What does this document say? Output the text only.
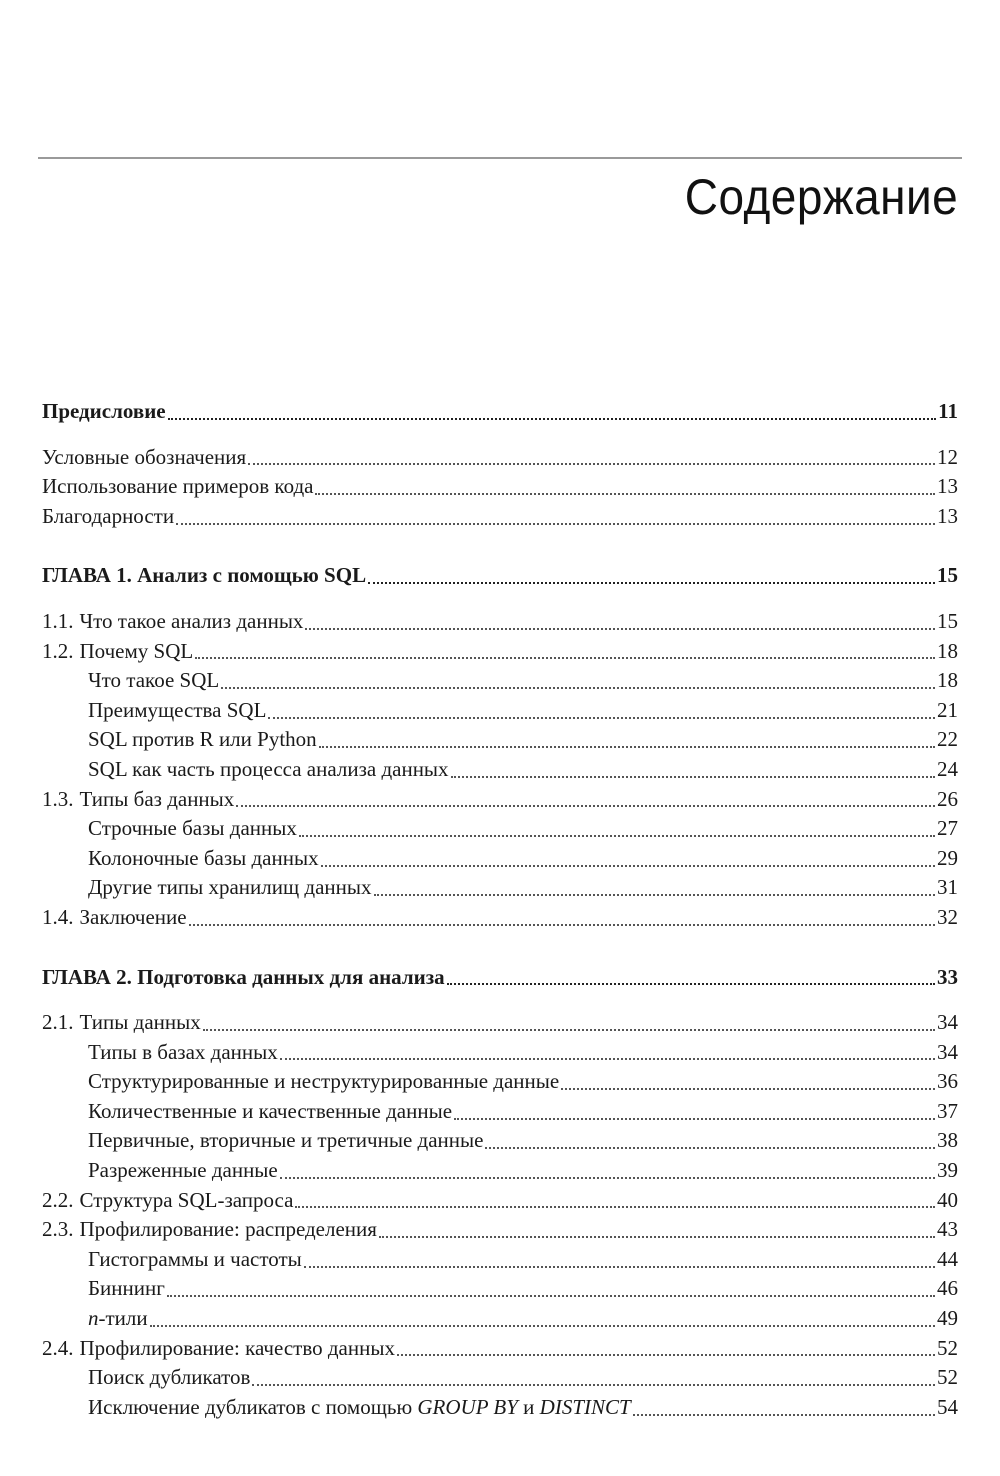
Содержание
Предисловие	11
Условные обозначения	12
Использование примеров кода	13
Благодарности	13
ГЛАВА 1. Анализ с помощью SQL	15
1.1. Что такое анализ данных	15
1.2. Почему SQL	18
Что такое SQL	18
Преимущества SQL	21
SQL против R или Python	22
SQL как часть процесса анализа данных	24
1.3. Типы баз данных	26
Строчные базы данных	27
Колоночные базы данных	29
Другие типы хранилищ данных	31
1.4. Заключение	32
ГЛАВА 2. Подготовка данных для анализа	33
2.1. Типы данных	34
Типы в базах данных	34
Структурированные и неструктурированные данные	36
Количественные и качественные данные	37
Первичные, вторичные и третичные данные	38
Разреженные данные	39
2.2. Структура SQL-запроса	40
2.3. Профилирование: распределения	43
Гистограммы и частоты	44
Биннинг	46
n-тили	49
2.4. Профилирование: качество данных	52
Поиск дубликатов	52
Исключение дубликатов с помощью GROUP BY и DISTINCT	54
